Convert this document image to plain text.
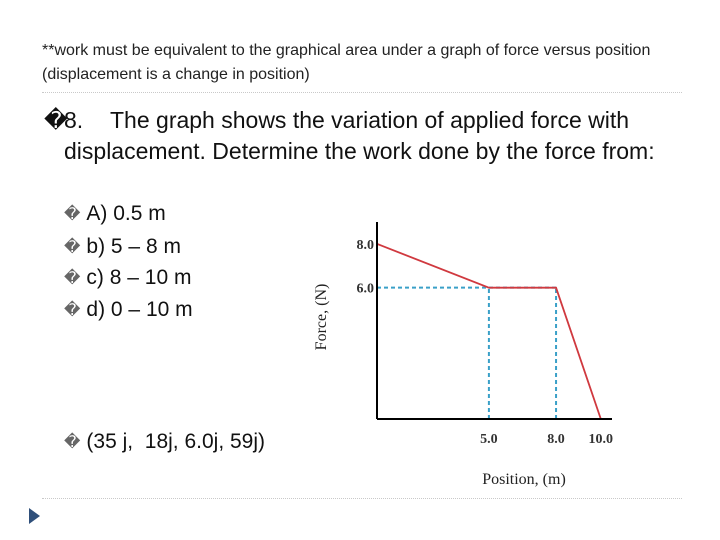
**work must be equivalent to the graphical area under a graph of force versus position (displacement is a change in position)
�
8. The graph shows the variation of applied force with displacement. Determine the work done by the force from:
� A) 0.5 m
� b) 5 – 8 m
� c) 8 – 10 m
� d) 0 – 10 m
� (35 j,  18j, 6.0j, 59j)
8.0
6.0
5.0	8.0 10.0
Force, (N)
Position, (m)
